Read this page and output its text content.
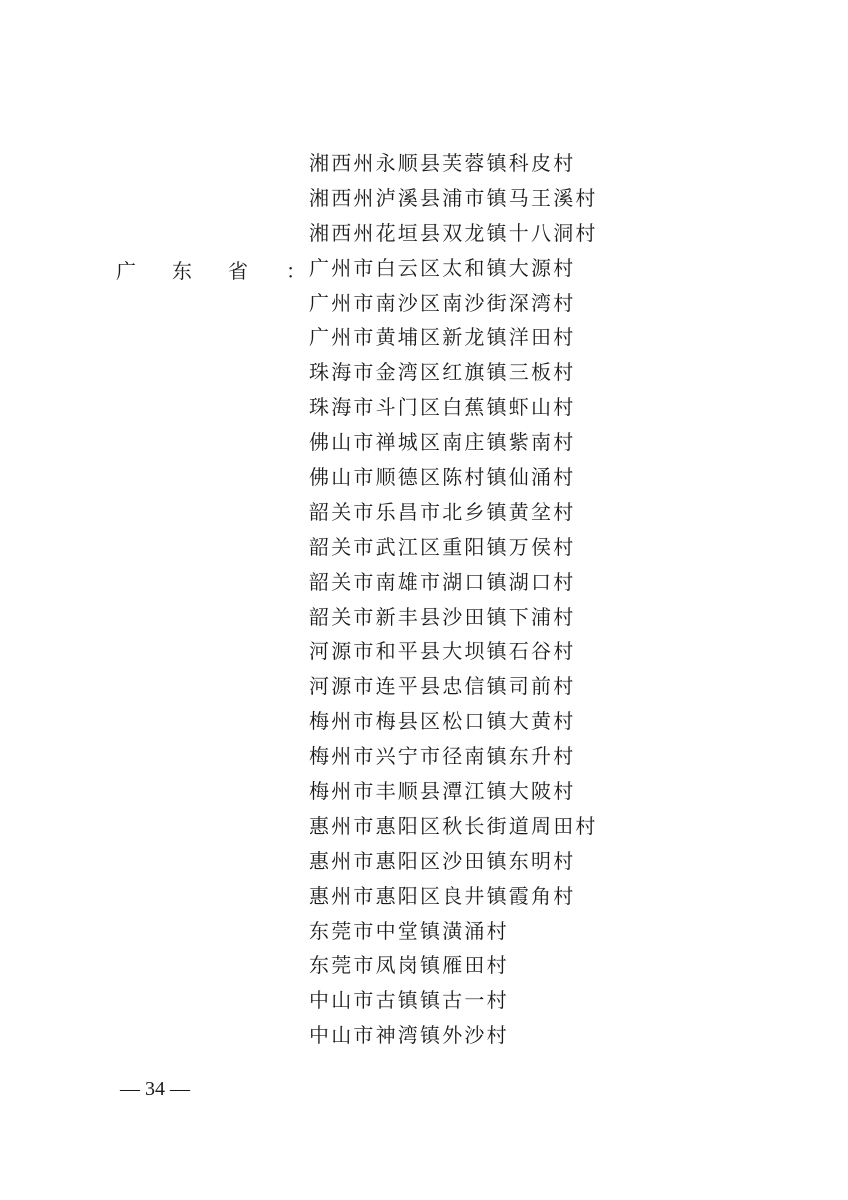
广 东 省	：
湘西州永顺县芙蓉镇科皮村
湘西州泸溪县浦市镇马王溪村
湘西州花垣县双龙镇十八洞村
广州市白云区太和镇大源村
广州市南沙区南沙街深湾村
广州市黄埔区新龙镇洋田村
珠海市金湾区红旗镇三板村
珠海市斗门区白蕉镇虾山村
佛山市禅城区南庄镇紫南村
佛山市顺德区陈村镇仙涌村
韶关市乐昌市北乡镇黄坌村
韶关市武江区重阳镇万侯村
韶关市南雄市湖口镇湖口村
韶关市新丰县沙田镇下浦村
河源市和平县大坝镇石谷村
河源市连平县忠信镇司前村
梅州市梅县区松口镇大黄村
梅州市兴宁市径南镇东升村
梅州市丰顺县潭江镇大陂村
惠州市惠阳区秋长街道周田村
惠州市惠阳区沙田镇东明村
惠州市惠阳区良井镇霞角村
东莞市中堂镇潢涌村
东莞市凤岗镇雁田村
中山市古镇镇古一村
中山市神湾镇外沙村
— 34 —
